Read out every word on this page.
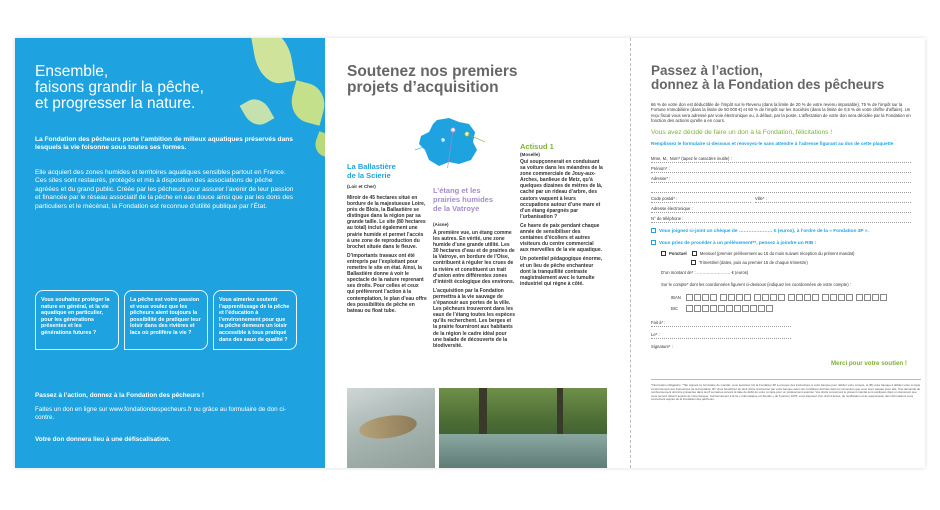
Ensemble,
faisons grandir la pêche,
et progresser la nature.

La Fondation des pêcheurs porte l’ambition de milieux aquatiques préservés dans lesquels la vie foisonne sous toutes ses formes.

Elle acquiert des zones humides et territoires aquatiques sensibles partout en France. Ces sites sont restaurés, protégés et mis à disposition des associations de pêche agréées et du grand public. Créée par les pêcheurs pour assurer l’avenir de leur passion et financée par le réseau associatif de la pêche en eau douce ainsi que par les dons des particuliers et le mécénat, la Fondation est reconnue d’utilité publique par l’État.

Vous souhaitez protéger la nature en général, et la vie aquatique en particulier, pour les générations présentes et les générations futures ?
La pêche est votre passion et vous voulez que les pêcheurs aient toujours la possibilité de pratiquer leur loisir dans des rivières et lacs où prolifère la vie ?
Vous aimeriez soutenir l’apprentissage de la pêche et l’éducation à l’environnement pour que la pêche demeure un loisir accessible à tous pratiqué dans des eaux de qualité ?

Passez à l’action, donnez à la Fondation des pêcheurs !

Faites un don en ligne sur www.fondationdespecheurs.fr ou grâce au formulaire de don ci-contre.

Votre don donnera lieu à une défiscalisation.

Soutenez nos premiers
projets d’acquisition
La Ballastière
de la Scierie
(Loir et Cher)

Miroir de 45 hectares situé en bordure de la majestueuse Loire, près de Blois, la Ballastière se distingue dans la région par sa grande taille. Le site (80 hectares au total) inclut également une prairie humide et permet l’accès à une zone de reproduction du brochet située dans le fleuve.

D’importants travaux ont été entrepris par l’exploitant pour remettre le site en état. Ainsi, la Ballastière donne à voir le spectacle de la nature reprenant ses droits. Pour celles et ceux qui préfèreront l’action à la contemplation, le plan d’eau offre des possibilités de pêche en bateau ou float tube.

L’étang et les
prairies humides
de la Vatroye
(Aisne)

À première vue, un étang comme les autres. En vérité, une zone humide d’une grande utilité. Les 30 hectares d’eau et de prairies de la Vatroye, en bordure de l’Oise, contribuent à réguler les crues de la rivière et constituent un trait d’union entre différentes zones d’intérêt écologique des environs.

L’acquisition par la Fondation permettra à la vie sauvage de s’épanouir aux portes de la ville. Les pêcheurs trouveront dans les eaux de l’étang toutes les espèces qu’ils recherchent. Les berges et la prairie fourniront aux habitants de la région le cadre idéal pour une balade de découverte de la biodiversité.

Actisud 1
(Moselle)

Qui soupçonnerait en conduisant sa voiture dans les méandres de la zone commerciale de Jouy-aux-Arches, banlieue de Metz, qu’à quelques dizaines de mètres de là, caché par un rideau d’arbre, des castors vaquent à leurs occupations autour d’une mare et d’un étang épargnés par l’urbanisation ?

Ce havre de paix pendant chaque année de sensibiliser des centaines d’écoliers et autres visiteurs du centre commercial aux merveilles de la vie aquatique.

Un potentiel pédagogique énorme, et un lieu de pêche enchanteur dont la tranquillité contraste magistralement avec le tumulte industriel qui règne à côté.

Passez à l’action,
donnez à la Fondation des pêcheurs

66 % de votre don est déductible de l’impôt sur le Revenu (dans la limite de 20 % de votre revenu imposable), 75 % de l’impôt sur la Fortune Immobilière (dans la limite de 50 000 €) et 60 % de l’impôt sur les Sociétés (dans la limite de 0,5 % de votre chiffre d’affaire). Un reçu fiscal vous sera adressé par voie électronique ou, à défaut, par la poste. L’affectation de votre don sera décidée par la Fondation en fonction des actions qu’elle a en cours.

Vous avez décidé de faire un don à la Fondation, félicitations !

Remplissez le formulaire ci-dessous et renvoyez-le sans attendre à l’adresse figurant au dos de cette plaquette

Mme, M., Nom* (tapez le caractère inutile) :
Prénom* :
Adresse* :
Code postal* :	Ville* :
Adresse électronique :
N° de téléphone :
Vous joignez ci-joint un chèque de ………………… € (euros), à l’ordre de la « Fondation 3P ».
Vous priez de procéder à un prélèvement**, pensez à joindre un RIB :
Ponctuel	Mensuel (premier prélèvement au 15 du mois suivant réception du présent mandat)
Trimestriel (dates, puis au premier 15 de chaque trimestre)
D’un montant de* : …………………… € (euros)
Sur le compte* dont les coordonnées figurent ci-dessous (indiquez les coordonnées de votre compte) :
IBAN
BIC
Fait à* :
Le* :
Signature* :

Merci pour votre soutien !

*Information obligatoire. **En signant ce formulaire de mandat, vous autorisez (A) la Fondation 3P à envoyer des instructions à votre banque pour débiter votre compte, et (B) votre banque à débiter votre compte conformément aux instructions de la Fondation 3P. Vous bénéficiez du droit d’être remboursé par votre banque selon les conditions décrites dans la convention que vous avez passée avec elle. Une demande de remboursement doit être présentée dans les 8 semaines suivant la date de débit de votre compte pour un prélèvement autorisé. Vos droits concernant le présent mandat sont expliqués dans un document que vous pouvez obtenir auprès de votre banque. Conformément à la loi « Informatique et Libertés » du 6 janvier 1978, vous disposez d’un droit d’accès, de rectification et de suppression des informations vous concernant auprès de la Fondation des pêcheurs.
